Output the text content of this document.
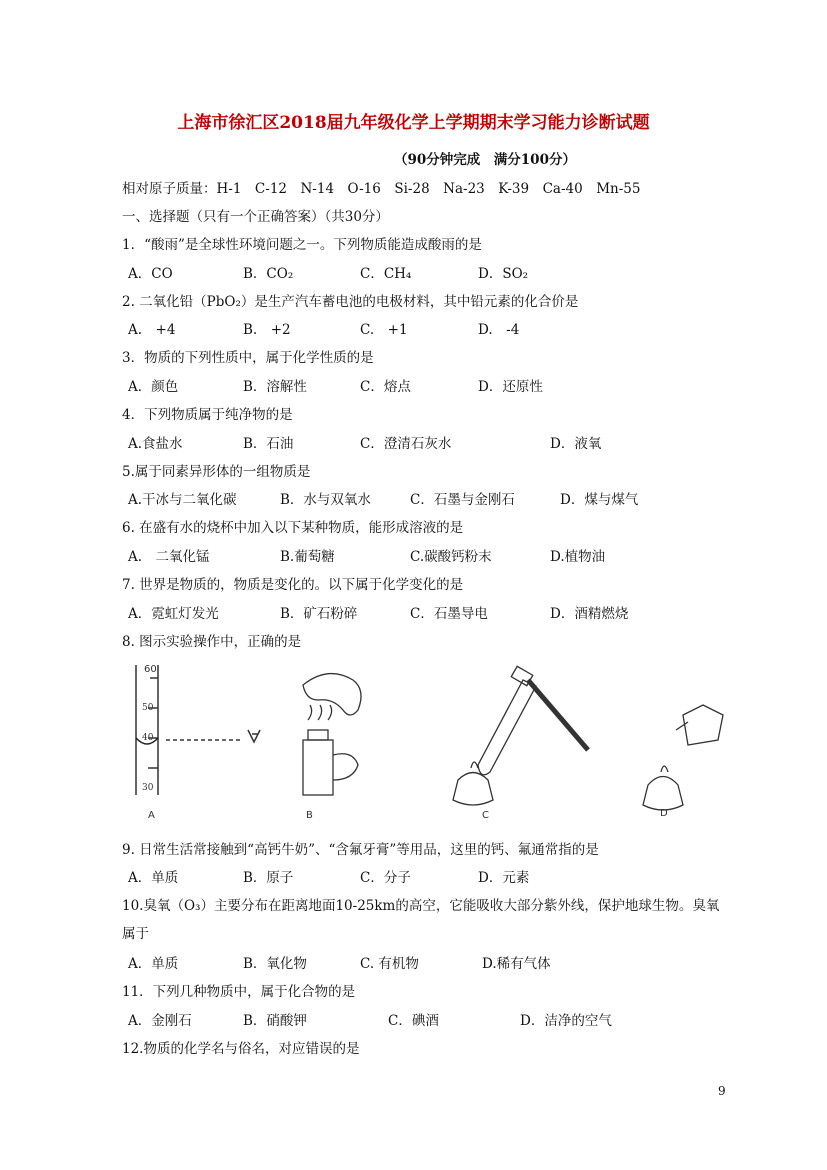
上海市徐汇区2018届九年级化学上学期期末学习能力诊断试题
（90分钟完成　满分100分）
相对原子质量：H-1　C-12　N-14　O-16　Si-28　Na-23　K-39　Ca-40　Mn-55
一、选择题（只有一个正确答案）（共30分）
1．“酸雨”是全球性环境问题之一。下列物质能造成酸雨的是
A．CO	B．CO₂	C．CH₄	D．SO₂
2. 二氧化铅（PbO₂）是生产汽车蓄电池的电极材料，其中铅元素的化合价是
A.　+4	B.　+2	C.　+1	D.　-4
3．物质的下列性质中，属于化学性质的是
A．颜色	B．溶解性	C．熔点	D．还原性
4．下列物质属于纯净物的是
A.食盐水	B．石油	C．澄清石灰水	D．液氧
5.属于同素异形体的一组物质是
A.干冰与二氧化碳	B．水与双氧水	C．石墨与金刚石	D．煤与煤气
6. 在盛有水的烧杯中加入以下某种物质，能形成溶液的是
A.　二氧化锰	B.葡萄糖	C.碳酸钙粉末	D.植物油
7. 世界是物质的，物质是变化的。以下属于化学变化的是
A．霓虹灯发光	B．矿石粉碎	C．石墨导电	D．酒精燃烧
8. 图示实验操作中，正确的是
60
50
40
30
A	B	C	D
9. 日常生活常接触到“高钙牛奶”、“含氟牙膏”等用品，这里的钙、氟通常指的是
A．单质	B．原子	C．分子	D．元素
10.臭氧（O₃）主要分布在距离地面10-25km的高空，它能吸收大部分紫外线，保护地球生物。臭氧
属于
A．单质	B．氧化物	C. 有机物	D.稀有气体
11．下列几种物质中，属于化合物的是
A．金刚石	B．硝酸钾	C．碘酒	D．洁净的空气
12.物质的化学名与俗名，对应错误的是
9
